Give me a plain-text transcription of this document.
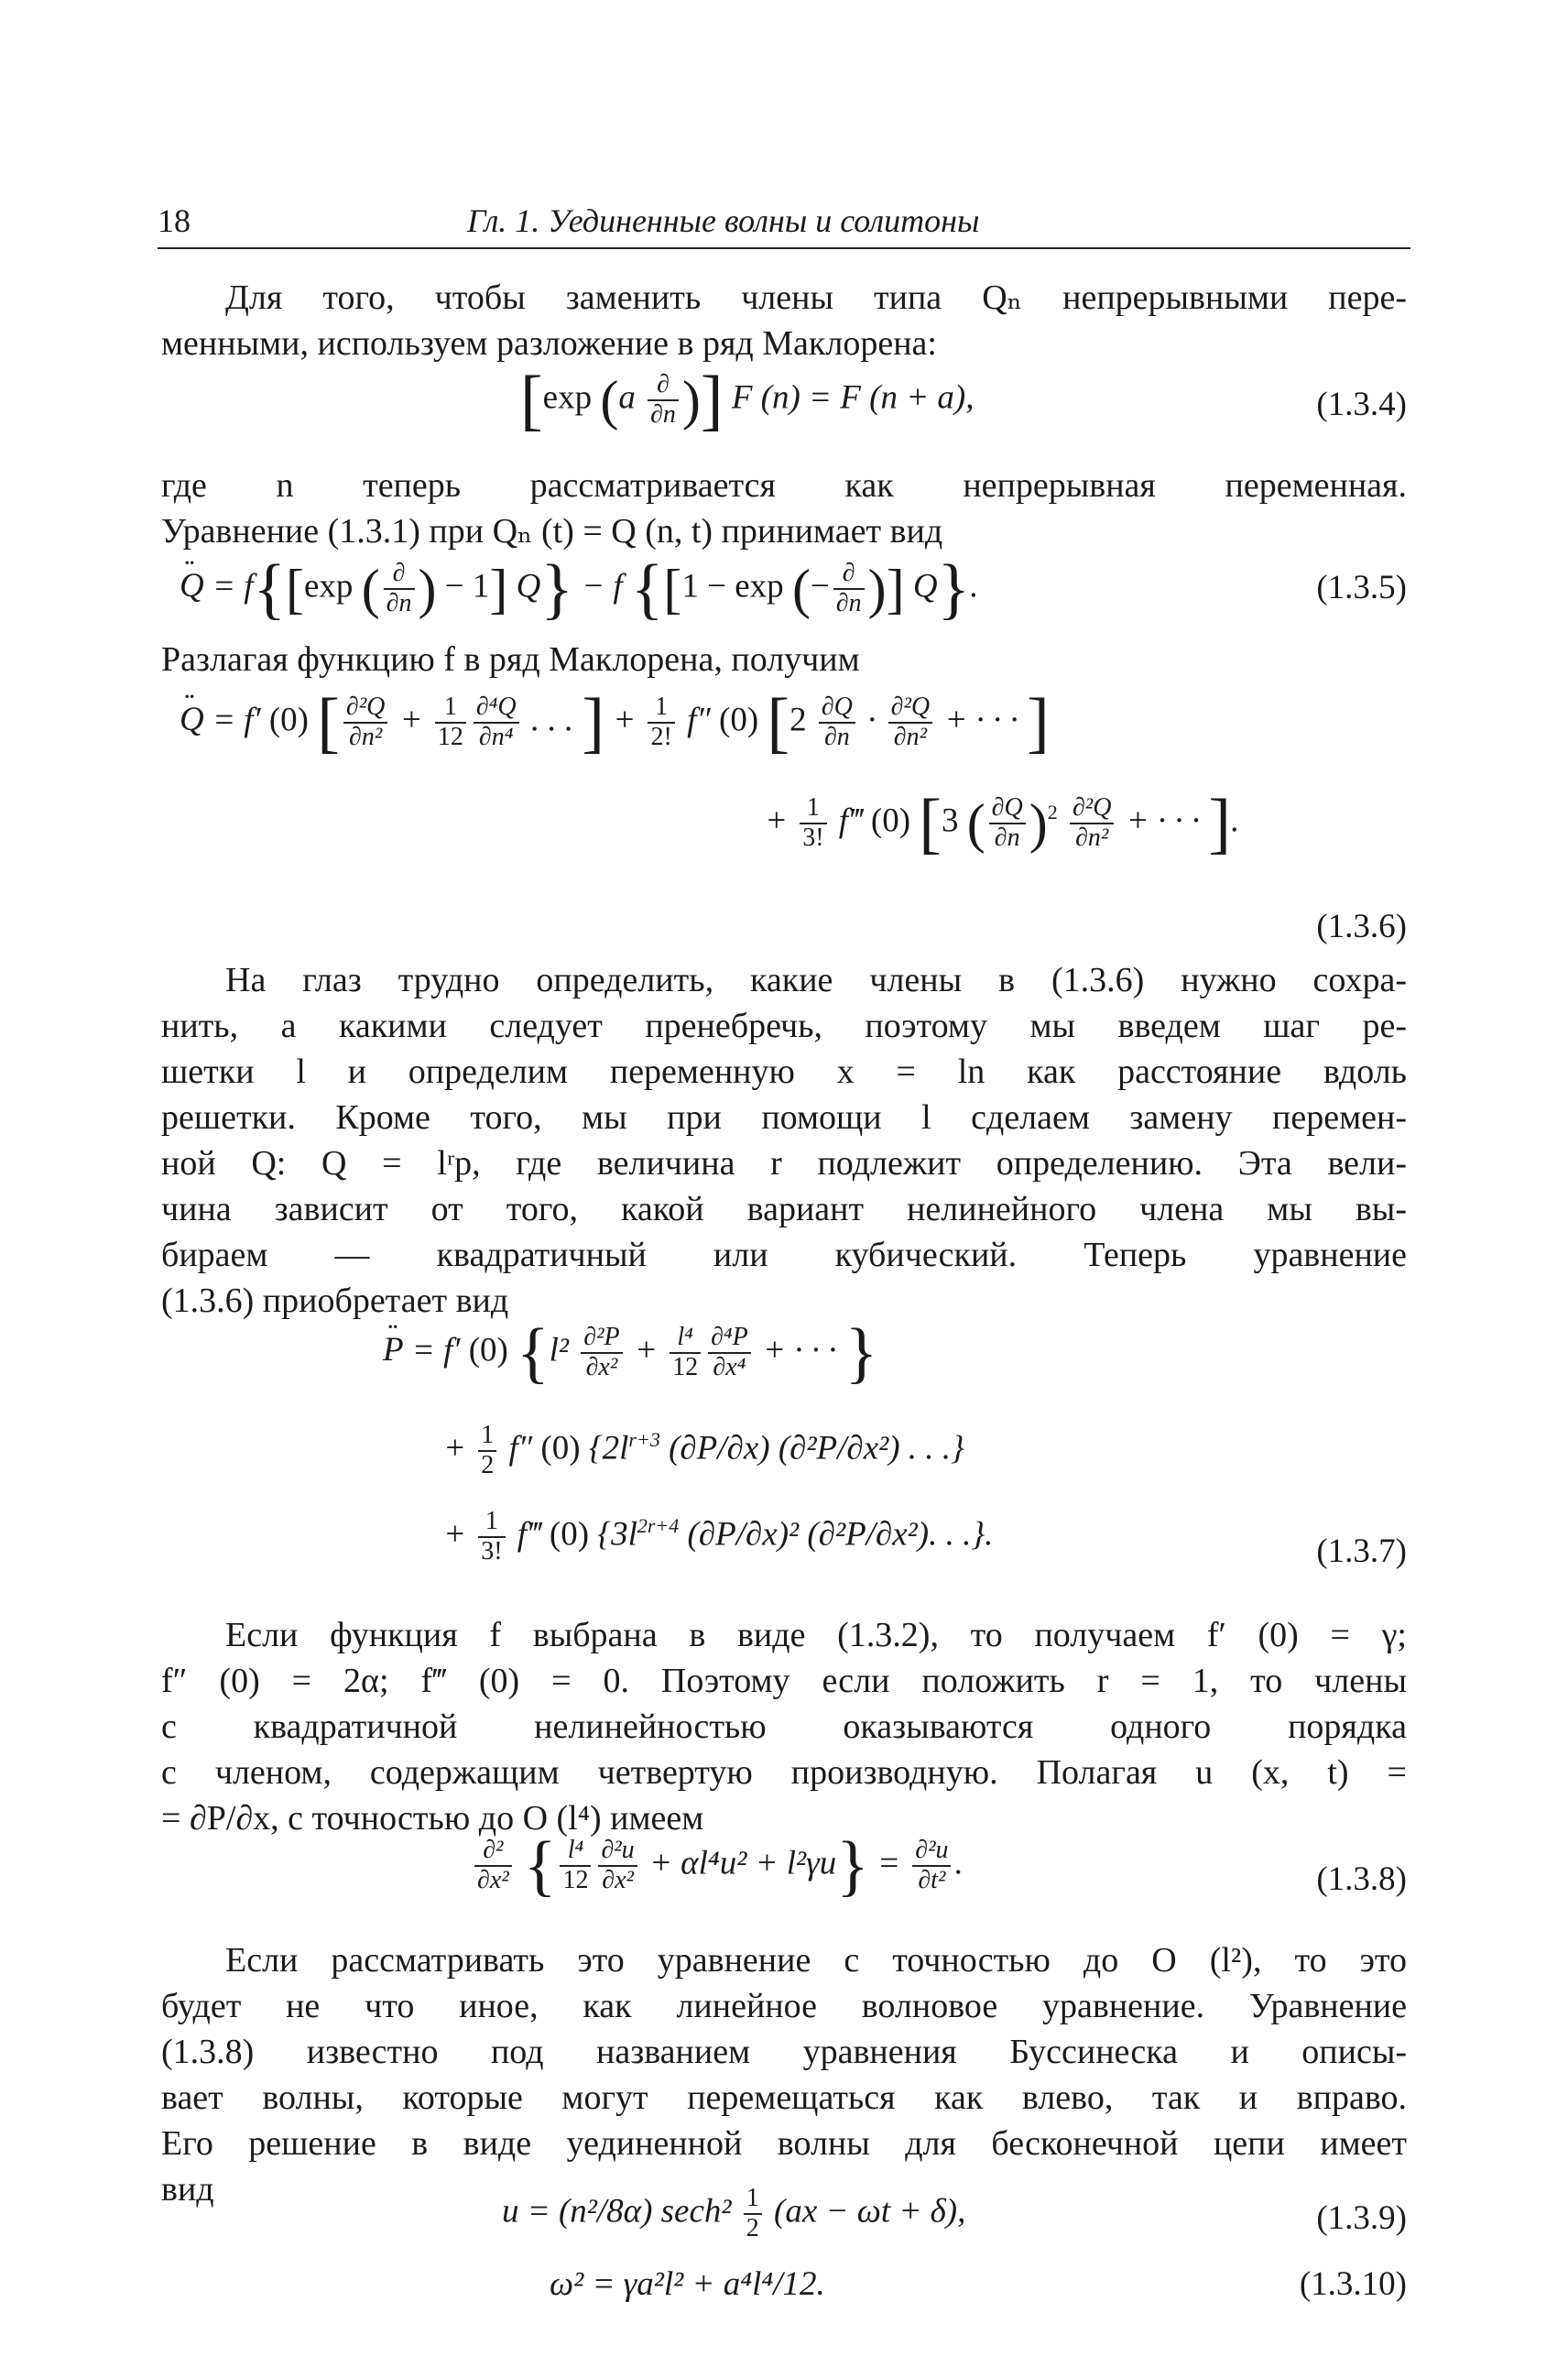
18	Гл. 1. Уединенные волны и солитоны
Для того, чтобы заменить члены типа Qₙ непрерывными пере-
менными, используем разложение в ряд Маклорена:
[exp ($a \frac{\partial}{\partial n}$ )] F (n) = F (n + a),	(1.3.4)
где n теперь рассматривается как непрерывная переменная.
Уравнение (1.3.1) при Qₙ (t) = Q (n, t) принимает вид
·· Q = f{[exp ( $\frac{\partial}{\partial n}$ ) − 1] Q} − f {[1 − exp (− $\frac{\partial}{\partial n}$ )] Q}.	(1.3.5)
Разлагая функцию f в ряд Маклорена, получим
·· Q = f′ (0) [ $\frac{\text{∂²Q}}{\text{∂n²}} + \frac{1}{12} \frac{\text{∂⁴Q}}{\text{∂n⁴}}$ . . . ] + $\frac{1}{2!} f''$ (0) [$2 \frac{\partial Q}{\partial n} \cdot \frac{\text{∂²Q}}{\text{∂n²}}$ + · · · ]
+ $\frac{1}{3!}$ f‴ (0) [3 ( $\frac{\partial Q}{\partial n} )^2 \frac{\text{∂²Q}}{\text{∂n²}}$ + · · · ].
(1.3.6)
На глаз трудно определить, какие члены в (1.3.6) нужно сохра-
нить, а какими следует пренебречь, поэтому мы введем шаг ре-
шетки l и определим переменную x = ln как расстояние вдоль
решетки. Кроме того, мы при помощи l сделаем замену перемен-
ной Q: Q = lʳp, где величина r подлежит определению. Эта вели-
чина зависит от того, какой вариант нелинейного члена мы вы-
бираем — квадратичный или кубический. Теперь уравнение
(1.3.6) приобретает вид
·· P = f′ (0) {$l^2 \frac{\text{∂²P}}{\text{∂x²}} + \frac{\text{l⁴}}{12} \frac{\text{∂⁴P}}{\text{∂x⁴}}$ + · · · }
+ $\frac{1}{2} f''$ (0) {$2l^{r+3}$ (∂P/∂x) (∂²P/∂x²) . . .}
+ $\frac{1}{3!}$ f‴ (0) {$3l^{2r+4}$ (∂P/∂x)² (∂²P/∂x²). . .}.	(1.3.7)
Если функция f выбрана в виде (1.3.2), то получаем f′ (0) = γ;
f″ (0) = 2α; f‴ (0) = 0. Поэтому если положить r = 1, то члены
с квадратичной нелинейностью оказываются одного порядка
с членом, содержащим четвертую производную. Полагая u (x, t) =
= ∂P/∂x, с точностью до O (l⁴) имеем
$\frac{\text{∂²}}{\text{∂x²}}$ { $\frac{\text{l⁴}}{12} \frac{\text{∂²u}}{\text{∂x²}} + \alpha l^4u^2 + l^2\gamma u\} = \frac{\text{∂²u}}{\text{∂t²}}$ .	(1.3.8)
Если рассматривать это уравнение с точностью до O (l²), то это
будет не что иное, как линейное волновое уравнение. Уравнение
(1.3.8) известно под названием уравнения Буссинеска и описы-
вает волны, которые могут перемещаться как влево, так и вправо.
Его решение в виде уединенной волны для бесконечной цепи имеет
вид
u = (n²/8α) $\sec h^2 \frac{1}{2} (ax - \omega t + \delta)$,	(1.3.9)
ω² = γa²l² + a⁴l⁴/12.	(1.3.10)
